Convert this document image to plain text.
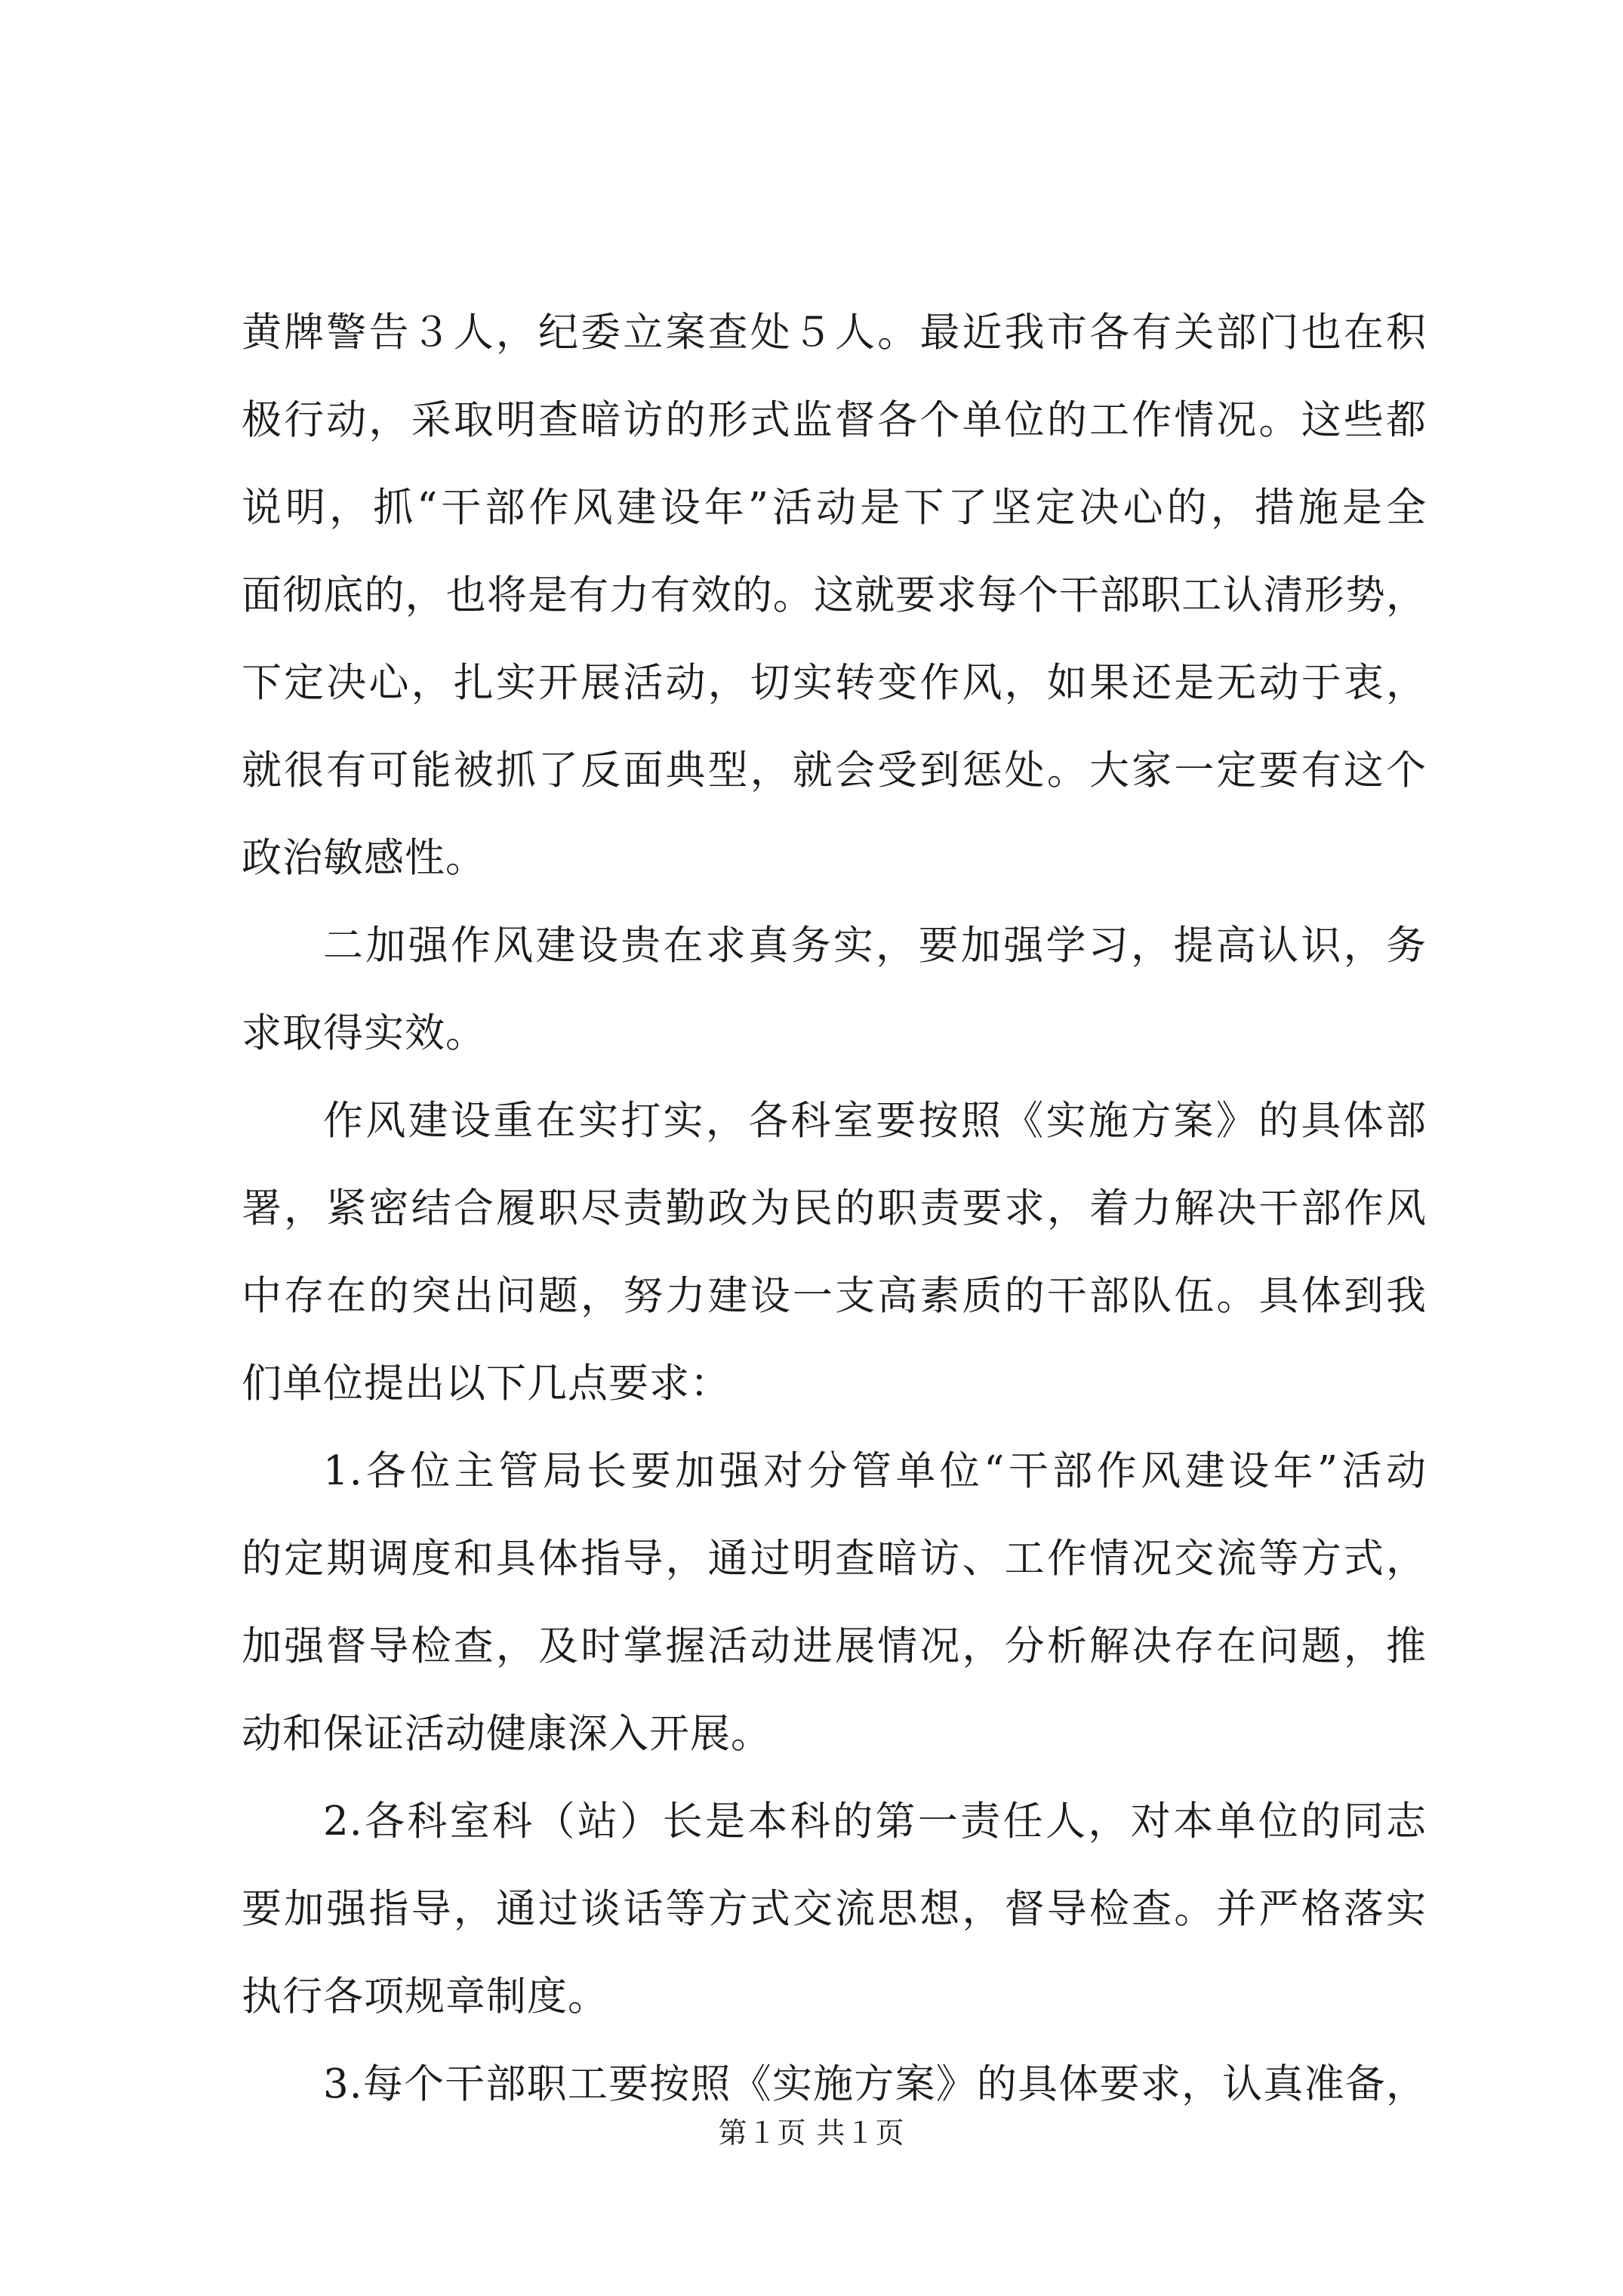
黄牌警告３人，纪委立案查处５人。最近我市各有关部门也在积
极行动，采取明查暗访的形式监督各个单位的工作情况。这些都
说明，抓“干部作风建设年”活动是下了坚定决心的，措施是全
面彻底的，也将是有力有效的。这就要求每个干部职工认清形势，
下定决心，扎实开展活动，切实转变作风，如果还是无动于衷，
就很有可能被抓了反面典型，就会受到惩处。大家一定要有这个
政治敏感性。
二加强作风建设贵在求真务实，要加强学习，提高认识，务
求取得实效。
作风建设重在实打实，各科室要按照《实施方案》的具体部
署，紧密结合履职尽责勤政为民的职责要求，着力解决干部作风
中存在的突出问题，努力建设一支高素质的干部队伍。具体到我
们单位提出以下几点要求：
1.各位主管局长要加强对分管单位“干部作风建设年”活动
的定期调度和具体指导，通过明查暗访、工作情况交流等方式，
加强督导检查，及时掌握活动进展情况，分析解决存在问题，推
动和保证活动健康深入开展。
2.各科室科（站）长是本科的第一责任人，对本单位的同志
要加强指导，通过谈话等方式交流思想，督导检查。并严格落实
执行各项规章制度。
3.每个干部职工要按照《实施方案》的具体要求，认真准备，
第１页 共１页
